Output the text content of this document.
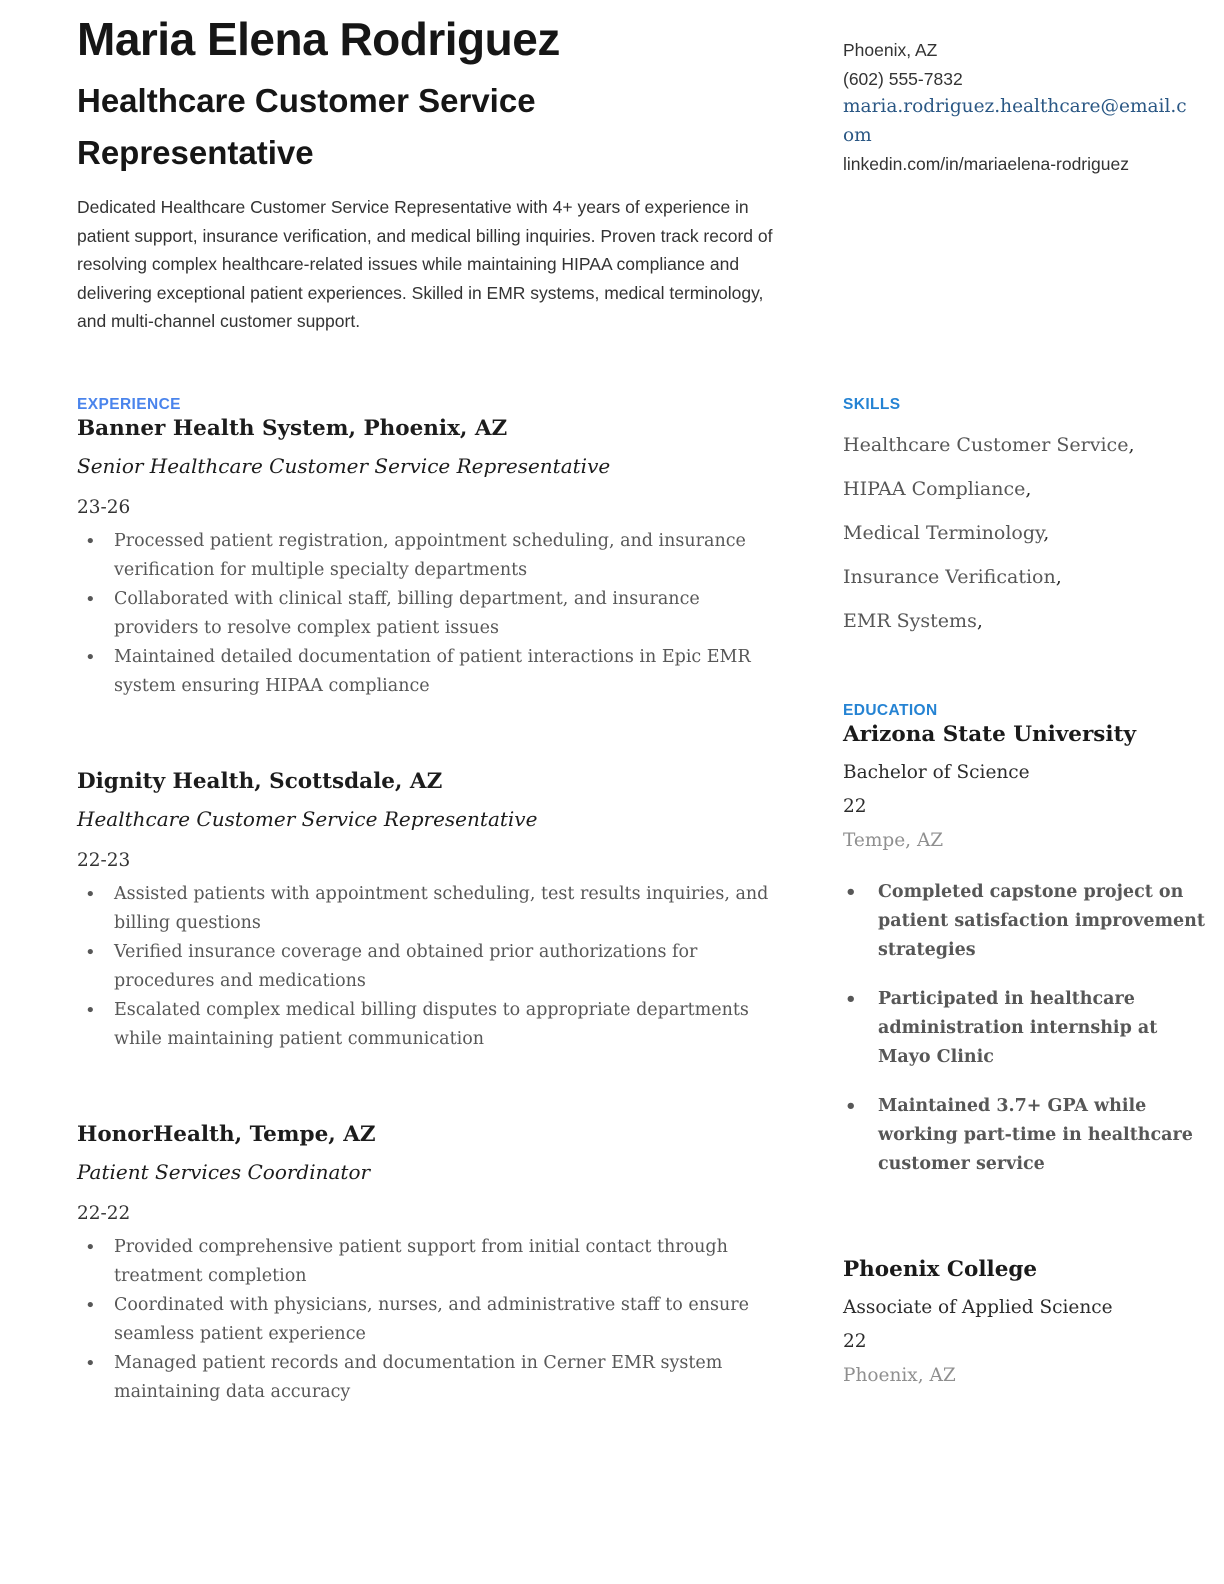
Maria Elena Rodriguez
Healthcare Customer Service Representative
Dedicated Healthcare Customer Service Representative with 4+ years of experience in patient support, insurance verification, and medical billing inquiries. Proven track record of resolving complex healthcare-related issues while maintaining HIPAA compliance and delivering exceptional patient experiences. Skilled in EMR systems, medical terminology, and multi-channel customer support.
Phoenix, AZ
(602) 555-7832
maria.rodriguez.healthcare@email.com
linkedin.com/in/mariaelena-rodriguez
EXPERIENCE
Banner Health System, Phoenix, AZ
Senior Healthcare Customer Service Representative
23-26
• Processed patient registration, appointment scheduling, and insurance verification for multiple specialty departments
• Collaborated with clinical staff, billing department, and insurance providers to resolve complex patient issues
• Maintained detailed documentation of patient interactions in Epic EMR system ensuring HIPAA compliance
Dignity Health, Scottsdale, AZ
Healthcare Customer Service Representative
22-23
• Assisted patients with appointment scheduling, test results inquiries, and billing questions
• Verified insurance coverage and obtained prior authorizations for procedures and medications
• Escalated complex medical billing disputes to appropriate departments while maintaining patient communication
HonorHealth, Tempe, AZ
Patient Services Coordinator
22-22
• Provided comprehensive patient support from initial contact through treatment completion
• Coordinated with physicians, nurses, and administrative staff to ensure seamless patient experience
• Managed patient records and documentation in Cerner EMR system maintaining data accuracy
SKILLS
Healthcare Customer Service,
HIPAA Compliance,
Medical Terminology,
Insurance Verification,
EMR Systems,
EDUCATION
Arizona State University
Bachelor of Science
22
Tempe, AZ
• Completed capstone project on patient satisfaction improvement strategies
• Participated in healthcare administration internship at Mayo Clinic
• Maintained 3.7+ GPA while working part-time in healthcare customer service
Phoenix College
Associate of Applied Science
22
Phoenix, AZ
